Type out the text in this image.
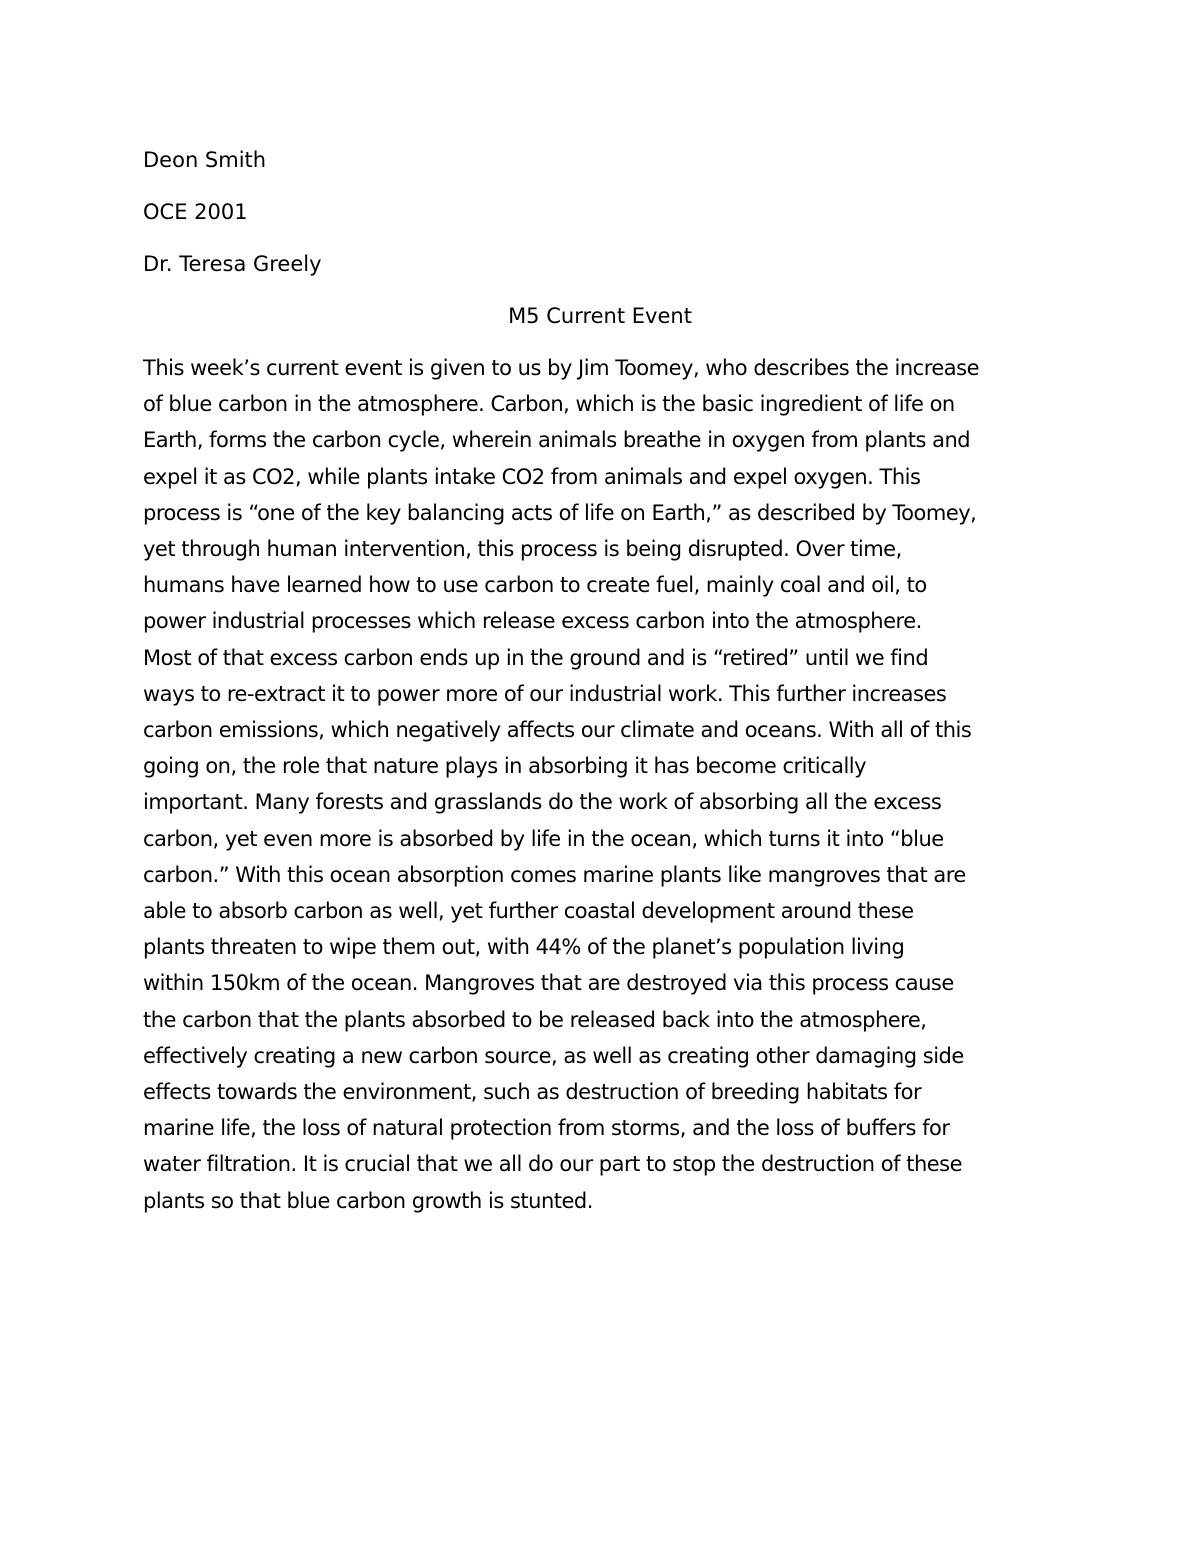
Deon Smith
OCE 2001
Dr. Teresa Greely
M5 Current Event
This week’s current event is given to us by Jim Toomey, who describes the increase
of blue carbon in the atmosphere. Carbon, which is the basic ingredient of life on
Earth, forms the carbon cycle, wherein animals breathe in oxygen from plants and
expel it as CO2, while plants intake CO2 from animals and expel oxygen. This
process is “one of the key balancing acts of life on Earth,” as described by Toomey,
yet through human intervention, this process is being disrupted. Over time,
humans have learned how to use carbon to create fuel, mainly coal and oil, to
power industrial processes which release excess carbon into the atmosphere.
Most of that excess carbon ends up in the ground and is “retired” until we find
ways to re-extract it to power more of our industrial work. This further increases
carbon emissions, which negatively affects our climate and oceans. With all of this
going on, the role that nature plays in absorbing it has become critically
important. Many forests and grasslands do the work of absorbing all the excess
carbon, yet even more is absorbed by life in the ocean, which turns it into “blue
carbon.” With this ocean absorption comes marine plants like mangroves that are
able to absorb carbon as well, yet further coastal development around these
plants threaten to wipe them out, with 44% of the planet’s population living
within 150km of the ocean. Mangroves that are destroyed via this process cause
the carbon that the plants absorbed to be released back into the atmosphere,
effectively creating a new carbon source, as well as creating other damaging side
effects towards the environment, such as destruction of breeding habitats for
marine life, the loss of natural protection from storms, and the loss of buffers for
water filtration. It is crucial that we all do our part to stop the destruction of these
plants so that blue carbon growth is stunted.
